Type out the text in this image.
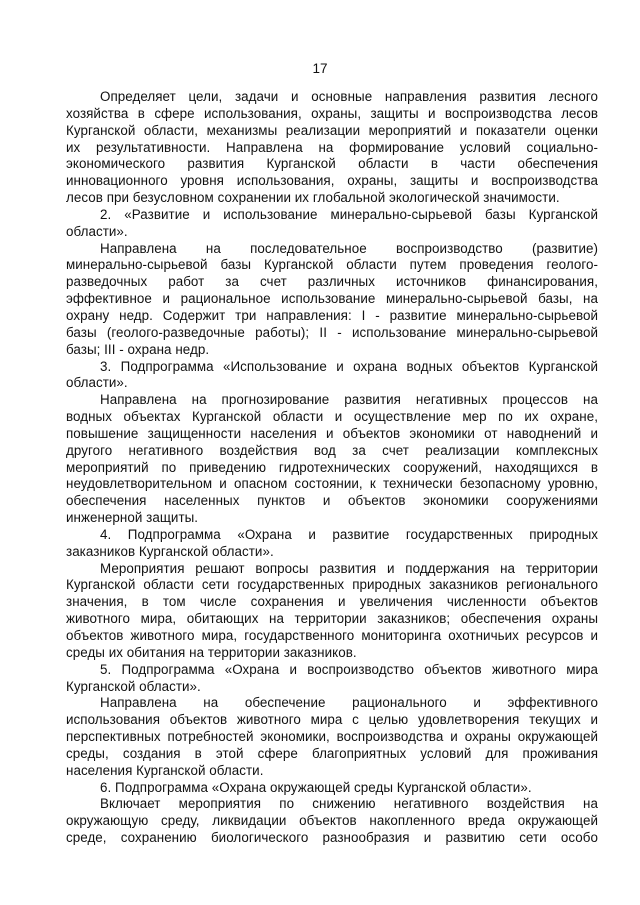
17
Определяет цели, задачи и основные направления развития лесного
хозяйства в сфере использования, охраны, защиты и воспроизводства лесов
Курганской области, механизмы реализации мероприятий и показатели оценки
их результативности. Направлена на формирование условий социально-
экономического развития Курганской области в части обеспечения
инновационного уровня использования, охраны, защиты и воспроизводства
лесов при безусловном сохранении их глобальной экологической значимости.
2. «Развитие и использование минерально-сырьевой базы Курганской
области».
Направлена на последовательное воспроизводство (развитие)
минерально-сырьевой базы Курганской области путем проведения геолого-
разведочных работ за счет различных источников финансирования,
эффективное и рациональное использование минерально-сырьевой базы, на
охрану недр. Содержит три направления: I - развитие минерально-сырьевой
базы (геолого-разведочные работы); II - использование минерально-сырьевой
базы; III - охрана недр.
3. Подпрограмма «Использование и охрана водных объектов Курганской
области».
Направлена на прогнозирование развития негативных процессов на
водных объектах Курганской области и осуществление мер по их охране,
повышение защищенности населения и объектов экономики от наводнений и
другого негативного воздействия вод за счет реализации комплексных
мероприятий по приведению гидротехнических сооружений, находящихся в
неудовлетворительном и опасном состоянии, к технически безопасному уровню,
обеспечения населенных пунктов и объектов экономики сооружениями
инженерной защиты.
4. Подпрограмма «Охрана и развитие государственных природных
заказников Курганской области».
Мероприятия решают вопросы развития и поддержания на территории
Курганской области сети государственных природных заказников регионального
значения, в том числе сохранения и увеличения численности объектов
животного мира, обитающих на территории заказников; обеспечения охраны
объектов животного мира, государственного мониторинга охотничьих ресурсов и
среды их обитания на территории заказников.
5. Подпрограмма «Охрана и воспроизводство объектов животного мира
Курганской области».
Направлена на обеспечение рационального и эффективного
использования объектов животного мира с целью удовлетворения текущих и
перспективных потребностей экономики, воспроизводства и охраны окружающей
среды, создания в этой сфере благоприятных условий для проживания
населения Курганской области.
6. Подпрограмма «Охрана окружающей среды Курганской области».
Включает мероприятия по снижению негативного воздействия на
окружающую среду, ликвидации объектов накопленного вреда окружающей
среде, сохранению биологического разнообразия и развитию сети особо
